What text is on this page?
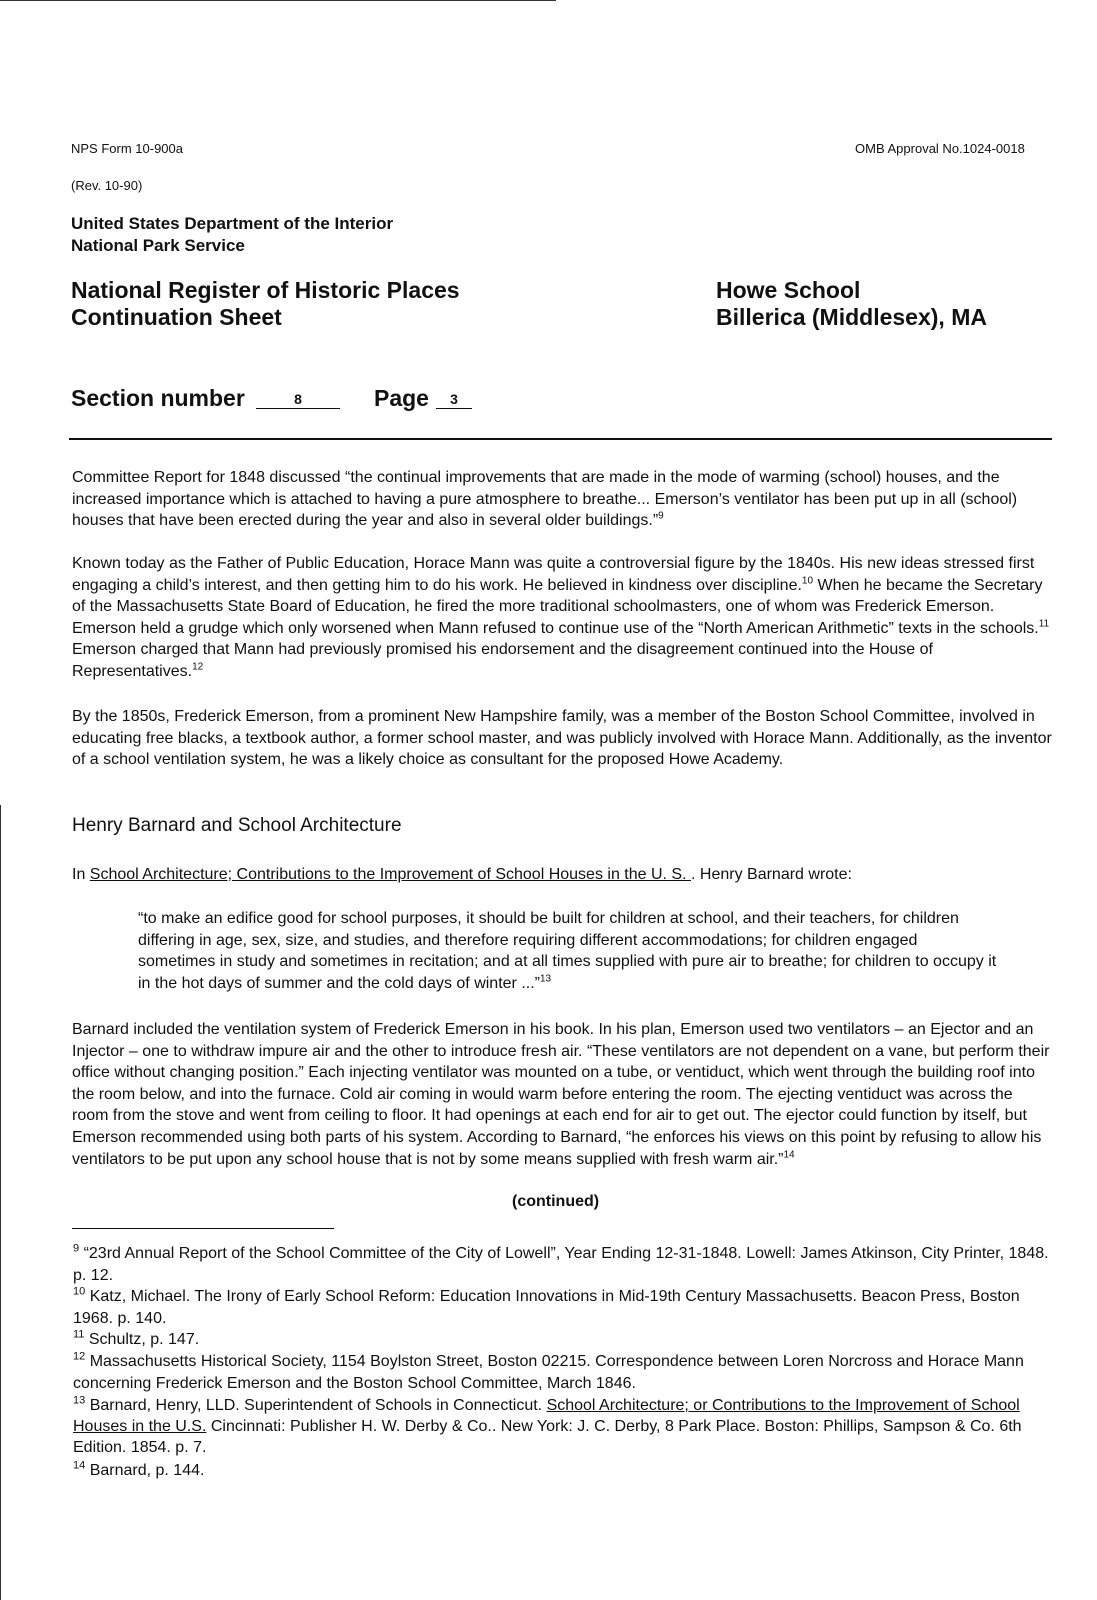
NPS Form 10-900a	OMB Approval No.1024-0018
(Rev. 10-90)
United States Department of the Interior
National Park Service
National Register of Historic Places
Continuation Sheet
Howe School
Billerica (Middlesex), MA
Section number	8	Page	3

Committee Report for 1848 discussed “the continual improvements that are made in the mode of warming (school) houses, and the increased importance which is attached to having a pure atmosphere to breathe... Emerson’s ventilator has been put up in all (school) houses that have been erected during the year and also in several older buildings.”$^9$

Known today as the Father of Public Education, Horace Mann was quite a controversial figure by the 1840s. His new ideas stressed first engaging a child’s interest, and then getting him to do his work. He believed in kindness over discipline.$^{10}$ When he became the Secretary of the Massachusetts State Board of Education, he fired the more traditional schoolmasters, one of whom was Frederick Emerson. Emerson held a grudge which only worsened when Mann refused to continue use of the “North American Arithmetic” texts in the schools.$^{11}$ Emerson charged that Mann had previously promised his endorsement and the disagreement continued into the House of Representatives.$^{12}$

By the 1850s, Frederick Emerson, from a prominent New Hampshire family, was a member of the Boston School Committee, involved in educating free blacks, a textbook author, a former school master, and was publicly involved with Horace Mann. Additionally, as the inventor of a school ventilation system, he was a likely choice as consultant for the proposed Howe Academy.

Henry Barnard and School Architecture

In School Architecture; Contributions to the Improvement of School Houses in the U. S. . Henry Barnard wrote:

“to make an edifice good for school purposes, it should be built for children at school, and their teachers, for children differing in age, sex, size, and studies, and therefore requiring different accommodations; for children engaged sometimes in study and sometimes in recitation; and at all times supplied with pure air to breathe; for children to occupy it in the hot days of summer and the cold days of winter ...”$^{13}$

Barnard included the ventilation system of Frederick Emerson in his book. In his plan, Emerson used two ventilators – an Ejector and an Injector – one to withdraw impure air and the other to introduce fresh air. “These ventilators are not dependent on a vane, but perform their office without changing position.” Each injecting ventilator was mounted on a tube, or ventiduct, which went through the building roof into the room below, and into the furnace. Cold air coming in would warm before entering the room. The ejecting ventiduct was across the room from the stove and went from ceiling to floor. It had openings at each end for air to get out. The ejector could function by itself, but Emerson recommended using both parts of his system. According to Barnard, “he enforces his views on this point by refusing to allow his ventilators to be put upon any school house that is not by some means supplied with fresh warm air.”$^{14}$

(continued)

$^9$ “23rd Annual Report of the School Committee of the City of Lowell”, Year Ending 12-31-1848. Lowell: James Atkinson, City Printer, 1848. p. 12.

$^{10}$ Katz, Michael. The Irony of Early School Reform: Education Innovations in Mid-19th Century Massachusetts. Beacon Press, Boston 1968. p. 140.

$^{11}$ Schultz, p. 147.

$^{12}$ Massachusetts Historical Society, 1154 Boylston Street, Boston 02215. Correspondence between Loren Norcross and Horace Mann concerning Frederick Emerson and the Boston School Committee, March 1846.

$^{13}$ Barnard, Henry, LLD. Superintendent of Schools in Connecticut. School Architecture; or Contributions to the Improvement of School Houses in the U.S. Cincinnati: Publisher H. W. Derby & Co.. New York: J. C. Derby, 8 Park Place. Boston: Phillips, Sampson & Co. 6th Edition. 1854. p. 7.

$^{14}$ Barnard, p. 144.
